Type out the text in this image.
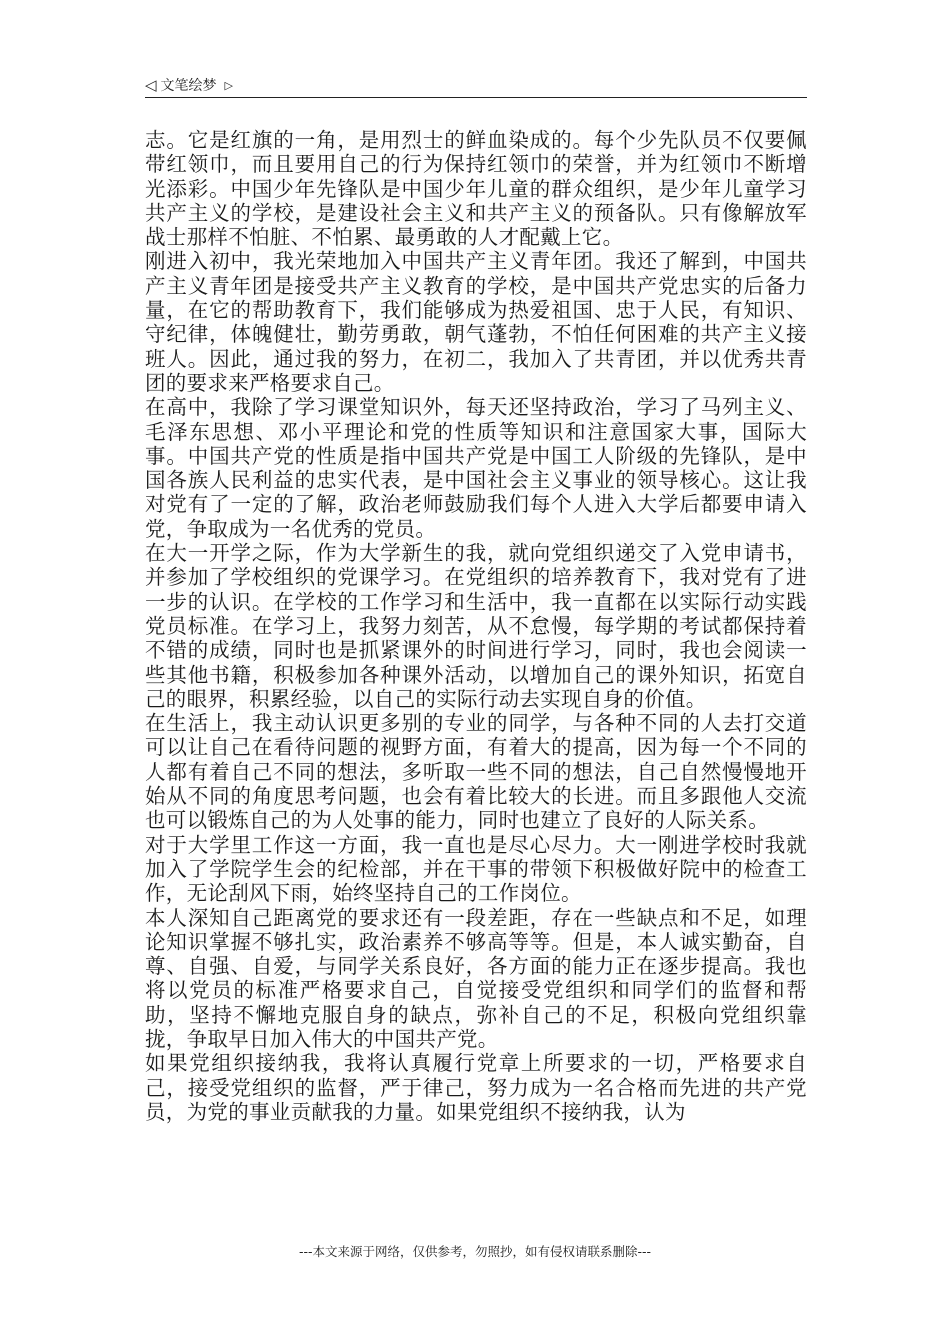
◁ 文笔绘梦 ▷

志。它是红旗的一角，是用烈士的鲜血染成的。每个少先队员不仅要佩带红领巾，而且要用自己的行为保持红领巾的荣誉，并为红领巾不断增光添彩。中国少年先锋队是中国少年儿童的群众组织，是少年儿童学习共产主义的学校，是建设社会主义和共产主义的预备队。只有像解放军战士那样不怕脏、不怕累、最勇敢的人才配戴上它。

刚进入初中，我光荣地加入中国共产主义青年团。我还了解到，中国共产主义青年团是接受共产主义教育的学校，是中国共产党忠实的后备力量，在它的帮助教育下，我们能够成为热爱祖国、忠于人民，有知识、守纪律，体魄健壮，勤劳勇敢，朝气蓬勃，不怕任何困难的共产主义接班人。因此，通过我的努力，在初二，我加入了共青团，并以优秀共青团的要求来严格要求自己。

在高中，我除了学习课堂知识外，每天还坚持政治，学习了马列主义、毛泽东思想、邓小平理论和党的性质等知识和注意国家大事，国际大事。中国共产党的性质是指中国共产党是中国工人阶级的先锋队，是中国各族人民利益的忠实代表，是中国社会主义事业的领导核心。这让我对党有了一定的了解，政治老师鼓励我们每个人进入大学后都要申请入党，争取成为一名优秀的党员。

在大一开学之际，作为大学新生的我，就向党组织递交了入党申请书，并参加了学校组织的党课学习。在党组织的培养教育下，我对党有了进一步的认识。在学校的工作学习和生活中，我一直都在以实际行动实践党员标准。在学习上，我努力刻苦，从不怠慢，每学期的考试都保持着不错的成绩，同时也是抓紧课外的时间进行学习，同时，我也会阅读一些其他书籍，积极参加各种课外活动，以增加自己的课外知识，拓宽自己的眼界，积累经验，以自己的实际行动去实现自身的价值。

在生活上，我主动认识更多别的专业的同学，与各种不同的人去打交道可以让自己在看待问题的视野方面，有着大的提高，因为每一个不同的人都有着自己不同的想法，多听取一些不同的想法，自己自然慢慢地开始从不同的角度思考问题，也会有着比较大的长进。而且多跟他人交流也可以锻炼自己的为人处事的能力，同时也建立了良好的人际关系。

对于大学里工作这一方面，我一直也是尽心尽力。大一刚进学校时我就加入了学院学生会的纪检部，并在干事的带领下积极做好院中的检查工作，无论刮风下雨，始终坚持自己的工作岗位。

本人深知自己距离党的要求还有一段差距，存在一些缺点和不足，如理论知识掌握不够扎实，政治素养不够高等等。但是，本人诚实勤奋，自尊、自强、自爱，与同学关系良好，各方面的能力正在逐步提高。我也将以党员的标准严格要求自己，自觉接受党组织和同学们的监督和帮助，坚持不懈地克服自身的缺点，弥补自己的不足，积极向党组织靠拢，争取早日加入伟大的中国共产党。

如果党组织接纳我，我将认真履行党章上所要求的一切，严格要求自己，接受党组织的监督，严于律己，努力成为一名合格而先进的共产党员，为党的事业贡献我的力量。如果党组织不接纳我，认为

---本文来源于网络，仅供参考，勿照抄，如有侵权请联系删除---
